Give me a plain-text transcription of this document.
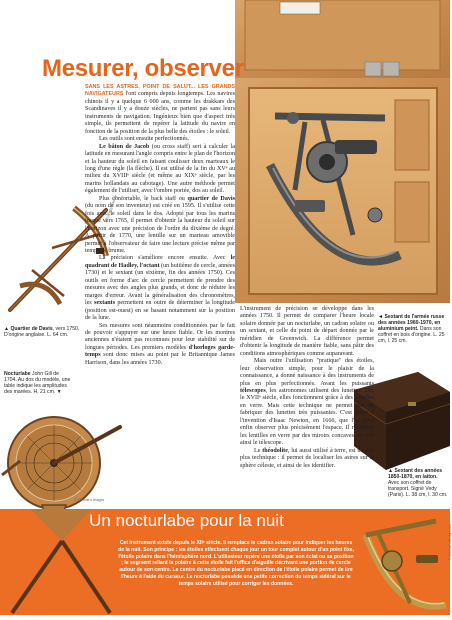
© Sotheby's/Alamy
▲ Quartier de Davis, vers 1750. D'origine anglaise. L. 64 cm.
Nocturlabe John Gill de 1704. Au dos du modèle, une table indique les amplitudes des marées. H. 21 cm. ▼
© Christie's Images
◄ Sextant de l'armée russe des années 1960-1970, en aluminium peint. Dans son coffret en bois d'origine. L. 25 cm, l. 25 cm.
▲ Sextant des années 1850-1870, en laiton. Avec son coffret de transport. Signé Vedy (Paris). L. 38 cm, l. 30 cm.
Mesurer, observer

SANS LES ASTRES, POINT DE SALUT... LES GRANDS NAVIGATEURS l'ont compris depuis longtemps. Les navires chinois il y a quelque 6 000 ans, comme les drakkars des Scandinaves il y a douze siècles, ne partent pas sans leurs instruments de navigation. Ingénieux bien que d'aspect très simple, ils permettent de repérer la latitude du navire en fonction de la position de la plus belle des étoiles : le soleil.

Les outils sont ensuite perfectionnés.

Le bâton de Jacob (ou cross staff) sert à calculer la latitude en mesurant l'angle compris entre le plan de l'horizon et la hauteur du soleil en faisant coulisser deux marteaux le long d'une règle (la flèche). Il est utilisé de la fin du XVᵉ au milieu du XVIIIᵉ siècle (et même au XIXᵉ siècle, par les marins hollandais au cabotage). Une autre méthode permet également de l'utiliser, avec l'ombre portée, dos au soleil.

Plus confortable, le back staff ou quartier de Davis (du nom de son inventeur) est créé en 1595. Il s'utilise cette fois avec le soleil dans le dos. Adopté par tous les marins jusque vers 1765, il permet d'obtenir la hauteur du soleil sur l'horizon avec une précision de l'ordre du dixième de degré. À partir de 1770, une lentille sur un marteau amovible permet à l'observateur de faire une lecture précise même par temps de brume.

La précision s'améliore encore ensuite. Avec le quadrant de Hadley, l'octant (un huitième de cercle, années 1730) et le sextant (un sixième, fin des années 1750). Ces outils en forme d'arc de cercle permettent de prendre des mesures avec des angles plus grands, et donc de réduire les marges d'erreur. Avant la généralisation des chronomètres, les sextants permettent en outre de déterminer la longitude (position est-ouest) en se basant notamment sur la position de la lune.

Ses mesures sont néanmoins conditionnées par le fait de pouvoir s'appuyer sur une heure fiable. Or les montres anciennes n'étaient pas reconnues pour leur stabilité sur de longues périodes. Les premiers modèles d'horloges garde-temps sont donc mises au point par le Britannique James Harrison, dans les années 1730.

L'instrument de précision se développe dans les années 1750. Il permet de comparer l'heure locale solaire donnée par un nocturlabe, un cadran solaire ou un sextant, et celle du point de départ donnée par le méridien de Greenwich. La différence permet d'obtenir la longitude de manière fiable, sans pâtir des conditions atmosphériques comme auparavant.

Mais outre l'utilisation "pratique" des étoiles, leur observation simple, pour le plaisir de la connaissance, a donné naissance à des instruments de plus en plus perfectionnés. Avant les puissants télescopes, les astronomes utilisent des lunettes. Dès le XVIIᵉ siècle, elles fonctionnent grâce à des lentilles en verre. Mais cette technique ne permet pas de fabriquer des lunettes très puissantes. C'est grâce à l'invention d'Isaac Newton, en 1666, que l'on peut enfin observer plus précisément l'espace. Il remplace les lentilles en verre par des miroirs concaves, et crée ainsi le télescope.

Le théodolite, lui aussi utilisé à terre, est un peu plus technique : il permet de localiser les astres sur la sphère céleste, et ainsi de les identifier.

Un nocturlabe pour la nuit
Cet instrument existe depuis le XIIᵉ siècle. Il remplace le cadran solaire pour indiquer les heures de la nuit. Son principe : les étoiles effectuent chaque jour un tour complet autour d'un point fixe, l'étoile polaire dans l'hémisphère nord. L'utilisateur repère une étoile par son éclat ou sa position ; le segment reliant la polaire à cette étoile fait l'office d'aiguille décrivant une portion de cercle autour de son centre. Le centre du nocturlabe placé en direction de l'étoile polaire permet de lire l'heure à l'aide du curseur. Le nocturlabe possède une petite correction du temps sidéral sur le temps solaire utilisé pour corriger les données.
© Christie's/Bridgeman
